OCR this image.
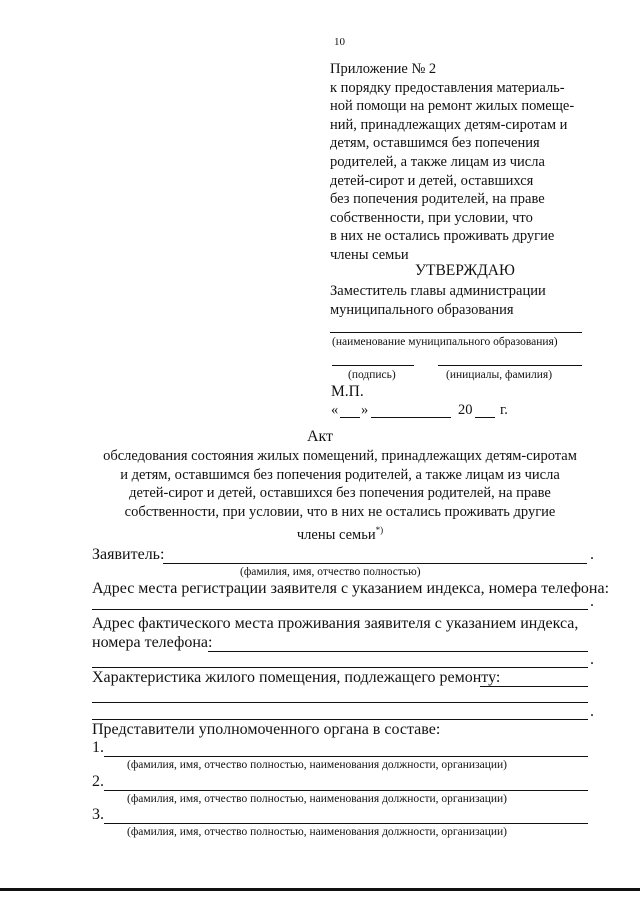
10
Приложение № 2
к порядку предоставления материаль-
ной помощи на ремонт жилых помеще-
ний, принадлежащих детям-сиротам и
детям, оставшимся без попечения
родителей, а также лицам из числа
детей-сирот и детей, оставшихся
без попечения родителей, на праве
собственности, при условии, что
в них не остались проживать другие
члены семьи
УТВЕРЖДАЮ
Заместитель главы администрации
муниципального образования
(наименование муниципального образования)
(подпись)	(инициалы, фамилия)
М.П.
« »	20 г.
Акт
обследования состояния жилых помещений, принадлежащих детям-сиротам
и детям, оставшимся без попечения родителей, а также лицам из числа
детей-сирот и детей, оставшихся без попечения родителей, на праве
собственности, при условии, что в них не остались проживать другие
члены семьи*)
Заявитель:	.
(фамилия, имя, отчество полностью)
Адрес места регистрации заявителя с указанием индекса, номера телефона:
.
Адрес фактического места проживания заявителя с указанием индекса,
номера телефона:
.
Характеристика жилого помещения, подлежащего ремонту:
.
Представители уполномоченного органа в составе:
1.
(фамилия, имя, отчество полностью, наименования должности, организации)
2.
(фамилия, имя, отчество полностью, наименования должности, организации)
3.
(фамилия, имя, отчество полностью, наименования должности, организации)
